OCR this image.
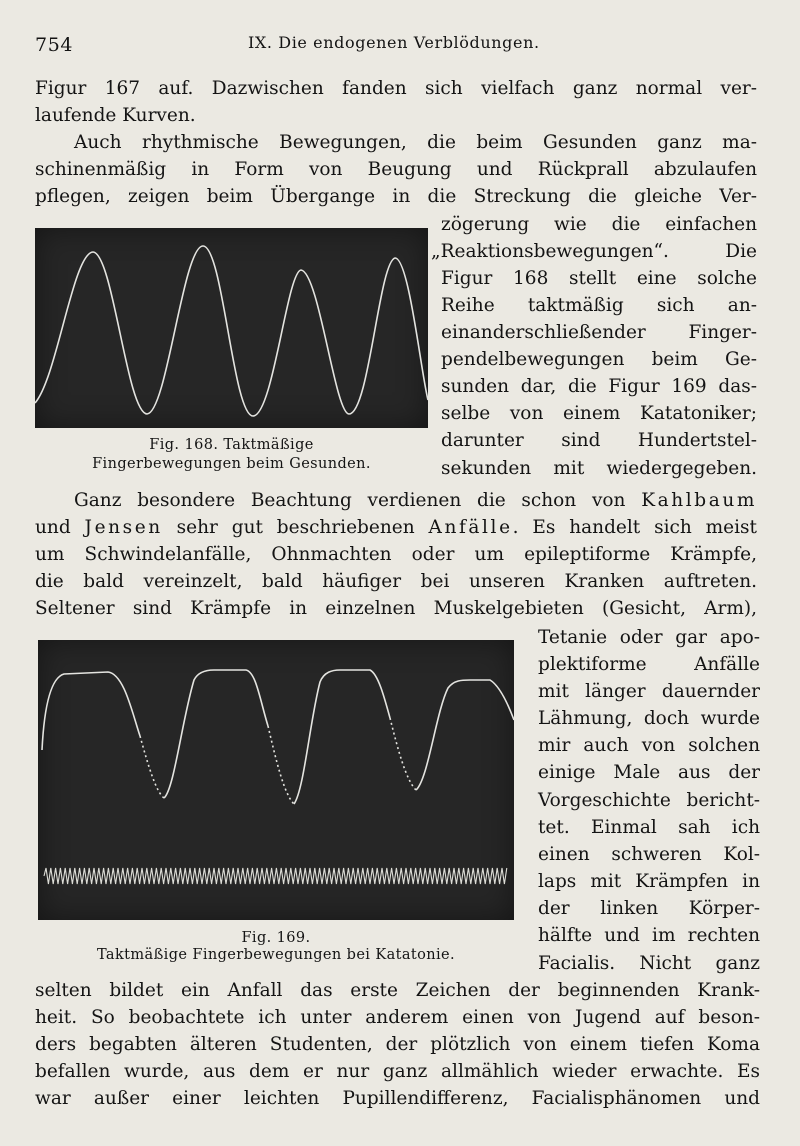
754	IX. Die endogenen Verblödungen.
Figur 167 auf. Dazwischen fanden sich vielfach ganz normal ver-
laufende Kurven.
Auch rhythmische Bewegungen, die beim Gesunden ganz ma-
schinenmäßig in Form von Beugung und Rückprall abzulaufen
pflegen, zeigen beim Übergange in die Streckung die gleiche Ver-
zögerung wie die einfachen
„Reaktionsbewegungen“. Die
Figur 168 stellt eine solche
Reihe taktmäßig sich an-
einanderschließender Finger-
pendelbewegungen beim Ge-
sunden dar, die Figur 169 das-
selbe von einem Katatoniker;
darunter sind Hundertstel-
sekunden mit wiedergegeben.
Fig. 168. Taktmäßige
Fingerbewegungen beim Gesunden.
Ganz besondere Beachtung verdienen die schon von Kahlbaum
und Jensen sehr gut beschriebenen Anfälle. Es handelt sich meist
um Schwindelanfälle, Ohnmachten oder um epileptiforme Krämpfe,
die bald vereinzelt, bald häufiger bei unseren Kranken auftreten.
Seltener sind Krämpfe in einzelnen Muskelgebieten (Gesicht, Arm),
Tetanie oder gar apo-
plektiforme Anfälle
mit länger dauernder
Lähmung, doch wurde
mir auch von solchen
einige Male aus der
Vorgeschichte bericht-
tet. Einmal sah ich
einen schweren Kol-
laps mit Krämpfen in
der linken Körper-
hälfte und im rechten
Facialis. Nicht ganz
Fig. 169.
Taktmäßige Fingerbewegungen bei Katatonie.
selten bildet ein Anfall das erste Zeichen der beginnenden Krank-
heit. So beobachtete ich unter anderem einen von Jugend auf beson-
ders begabten älteren Studenten, der plötzlich von einem tiefen Koma
befallen wurde, aus dem er nur ganz allmählich wieder erwachte. Es
war außer einer leichten Pupillendifferenz, Facialisphänomen und
